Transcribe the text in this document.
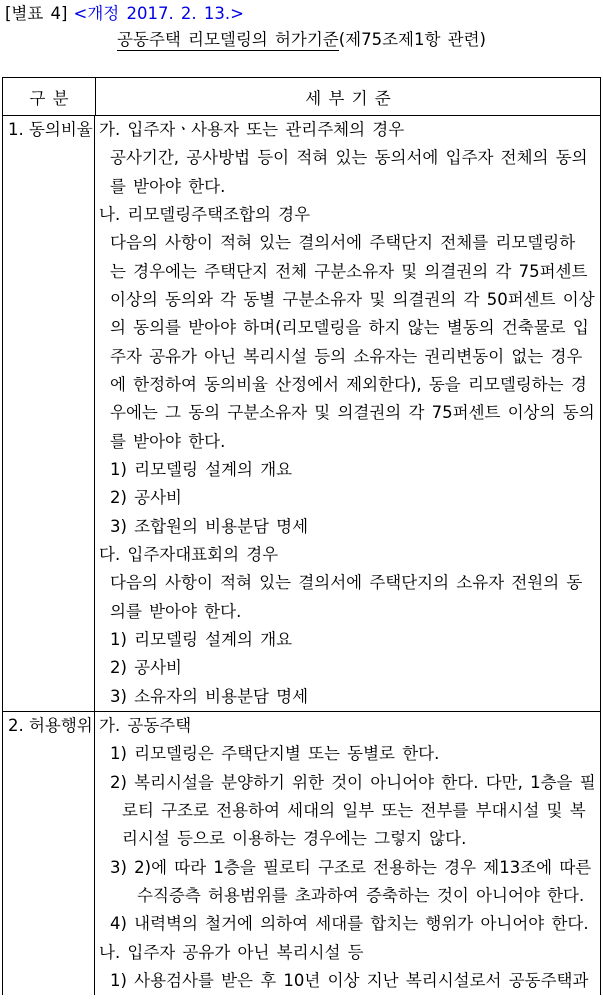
[별표 4] <개정 2017. 2. 13.>
공동주택 리모델링의 허가기준(제75조제1항 관련)
구 분	세 부 기 준
1. 동의비율 가. 입주자ㆍ사용자 또는 관리주체의 경우
공사기간, 공사방법 등이 적혀 있는 동의서에 입주자 전체의 동의
를 받아야 한다.
나. 리모델링주택조합의 경우
다음의 사항이 적혀 있는 결의서에 주택단지 전체를 리모델링하
는 경우에는 주택단지 전체 구분소유자 및 의결권의 각 75퍼센트
이상의 동의와 각 동별 구분소유자 및 의결권의 각 50퍼센트 이상
의 동의를 받아야 하며(리모델링을 하지 않는 별동의 건축물로 입
주자 공유가 아닌 복리시설 등의 소유자는 권리변동이 없는 경우
에 한정하여 동의비율 산정에서 제외한다), 동을 리모델링하는 경
우에는 그 동의 구분소유자 및 의결권의 각 75퍼센트 이상의 동의
를 받아야 한다.
1) 리모델링 설계의 개요
2) 공사비
3) 조합원의 비용분담 명세
다. 입주자대표회의 경우
다음의 사항이 적혀 있는 결의서에 주택단지의 소유자 전원의 동
의를 받아야 한다.
1) 리모델링 설계의 개요
2) 공사비
3) 소유자의 비용분담 명세
2. 허용행위 가. 공동주택
1) 리모델링은 주택단지별 또는 동별로 한다.
2) 복리시설을 분양하기 위한 것이 아니어야 한다. 다만, 1층을 필
로티 구조로 전용하여 세대의 일부 또는 전부를 부대시설 및 복
리시설 등으로 이용하는 경우에는 그렇지 않다.
3) 2)에 따라 1층을 필로티 구조로 전용하는 경우 제13조에 따른
수직증측 허용범위를 초과하여 증축하는 것이 아니어야 한다.
4) 내력벽의 철거에 의하여 세대를 합치는 행위가 아니어야 한다.
나. 입주자 공유가 아닌 복리시설 등
1) 사용검사를 받은 후 10년 이상 지난 복리시설로서 공동주택과
